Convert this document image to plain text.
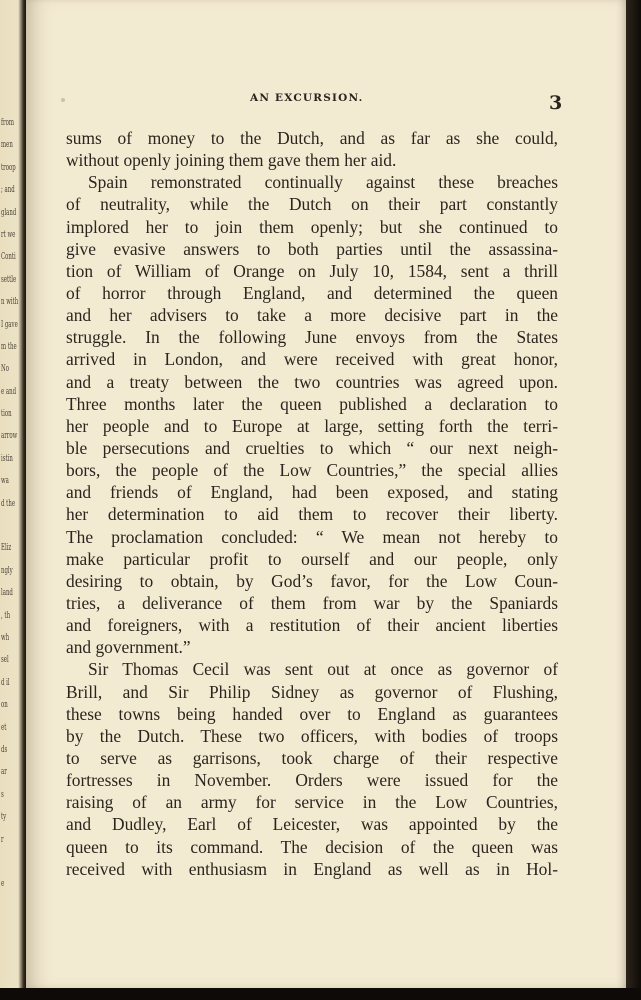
from
men
troop
; and
gland
rt we
Conti
settle
n with
I gave
m the
No
e and
tion
arrow
istin
wa
d the
Eliz
ngly
land
, th
wh
sel
d il
on
et
ds
ar
s
ty
r
e
AN EXCURSION.	3
sums of money to the Dutch, and as far as she could,
without openly joining them gave them her aid.
Spain remonstrated continually against these breaches
of neutrality, while the Dutch on their part constantly
implored her to join them openly; but she continued to
give evasive answers to both parties until the assassina-
tion of William of Orange on July 10, 1584, sent a thrill
of horror through England, and determined the queen
and her advisers to take a more decisive part in the
struggle. In the following June envoys from the States
arrived in London, and were received with great honor,
and a treaty between the two countries was agreed upon.
Three months later the queen published a declaration to
her people and to Europe at large, setting forth the terri-
ble persecutions and cruelties to which “ our next neigh-
bors, the people of the Low Countries,” the special allies
and friends of England, had been exposed, and stating
her determination to aid them to recover their liberty.
The proclamation concluded: “ We mean not hereby to
make particular profit to ourself and our people, only
desiring to obtain, by God’s favor, for the Low Coun-
tries, a deliverance of them from war by the Spaniards
and foreigners, with a restitution of their ancient liberties
and government.”
Sir Thomas Cecil was sent out at once as governor of
Brill, and Sir Philip Sidney as governor of Flushing,
these towns being handed over to England as guarantees
by the Dutch. These two officers, with bodies of troops
to serve as garrisons, took charge of their respective
fortresses in November. Orders were issued for the
raising of an army for service in the Low Countries,
and Dudley, Earl of Leicester, was appointed by the
queen to its command. The decision of the queen was
received with enthusiasm in England as well as in Hol-
